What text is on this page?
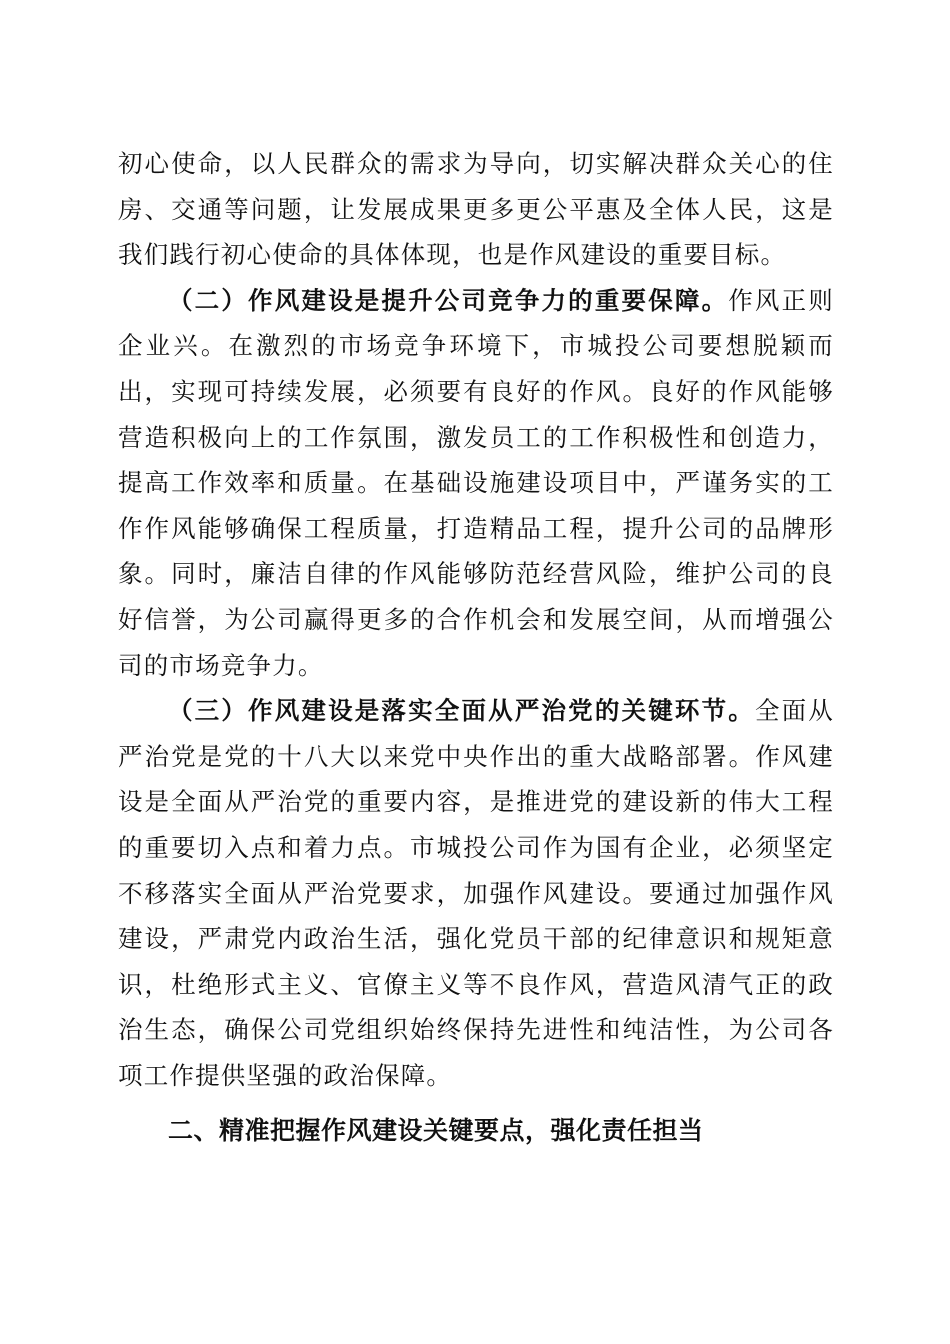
初心使命，以人民群众的需求为导向，切实解决群众关心的住房、交通等问题，让发展成果更多更公平惠及全体人民，这是我们践行初心使命的具体体现，也是作风建设的重要目标。

（二）作风建设是提升公司竞争力的重要保障。作风正则企业兴。在激烈的市场竞争环境下，市城投公司要想脱颖而出，实现可持续发展，必须要有良好的作风。良好的作风能够营造积极向上的工作氛围，激发员工的工作积极性和创造力，提高工作效率和质量。在基础设施建设项目中，严谨务实的工作作风能够确保工程质量，打造精品工程，提升公司的品牌形象。同时，廉洁自律的作风能够防范经营风险，维护公司的良好信誉，为公司赢得更多的合作机会和发展空间，从而增强公司的市场竞争力。

（三）作风建设是落实全面从严治党的关键环节。全面从严治党是党的十八大以来党中央作出的重大战略部署。作风建设是全面从严治党的重要内容，是推进党的建设新的伟大工程的重要切入点和着力点。市城投公司作为国有企业，必须坚定不移落实全面从严治党要求，加强作风建设。要通过加强作风建设，严肃党内政治生活，强化党员干部的纪律意识和规矩意识，杜绝形式主义、官僚主义等不良作风，营造风清气正的政治生态，确保公司党组织始终保持先进性和纯洁性，为公司各项工作提供坚强的政治保障。

二、精准把握作风建设关键要点，强化责任担当
